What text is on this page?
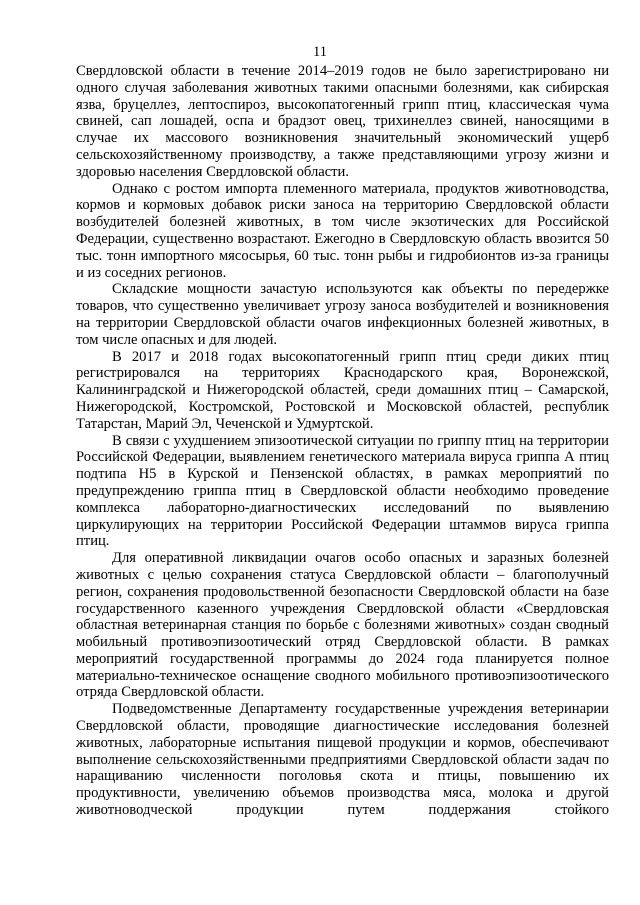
11

Свердловской области в течение 2014–2019 годов не было зарегистрировано ни одного случая заболевания животных такими опасными болезнями, как сибирская язва, бруцеллез, лептоспироз, высокопатогенный грипп птиц, классическая чума свиней, сап лошадей, оспа и брадзот овец, трихинеллез свиней, наносящими в случае их массового возникновения значительный экономический ущерб сельскохозяйственному производству, а также представляющими угрозу жизни и здоровью населения Свердловской области.

Однако с ростом импорта племенного материала, продуктов животноводства, кормов и кормовых добавок риски заноса на территорию Свердловской области возбудителей болезней животных, в том числе экзотических для Российской Федерации, существенно возрастают. Ежегодно в Свердловскую область ввозится 50 тыс. тонн импортного мясосырья, 60 тыс. тонн рыбы и гидробионтов из-за границы и из соседних регионов.

Складские мощности зачастую используются как объекты по передержке товаров, что существенно увеличивает угрозу заноса возбудителей и возникновения на территории Свердловской области очагов инфекционных болезней животных, в том числе опасных и для людей.

В 2017 и 2018 годах высокопатогенный грипп птиц среди диких птиц регистрировался на территориях Краснодарского края, Воронежской, Калининградской и Нижегородской областей, среди домашних птиц – Самарской, Нижегородской, Костромской, Ростовской и Московской областей, республик Татарстан, Марий Эл, Чеченской и Удмуртской.

В связи с ухудшением эпизоотической ситуации по гриппу птиц на территории Российской Федерации, выявлением генетического материала вируса гриппа А птиц подтипа H5 в Курской и Пензенской областях, в рамках мероприятий по предупреждению гриппа птиц в Свердловской области необходимо проведение комплекса лабораторно-диагностических исследований по выявлению циркулирующих на территории Российской Федерации штаммов вируса гриппа птиц.

Для оперативной ликвидации очагов особо опасных и заразных болезней животных с целью сохранения статуса Свердловской области – благополучный регион, сохранения продовольственной безопасности Свердловской области на базе государственного казенного учреждения Свердловской области «Свердловская областная ветеринарная станция по борьбе с болезнями животных» создан сводный мобильный противоэпизоотический отряд Свердловской области. В рамках мероприятий государственной программы до 2024 года планируется полное материально-техническое оснащение сводного мобильного противоэпизоотического отряда Свердловской области.

Подведомственные Департаменту государственные учреждения ветеринарии Свердловской области, проводящие диагностические исследования болезней животных, лабораторные испытания пищевой продукции и кормов, обеспечивают выполнение сельскохозяйственными предприятиями Свердловской области задач по наращиванию численности поголовья скота и птицы, повышению их продуктивности, увеличению объемов производства мяса, молока и другой животноводческой продукции путем поддержания стойкого
